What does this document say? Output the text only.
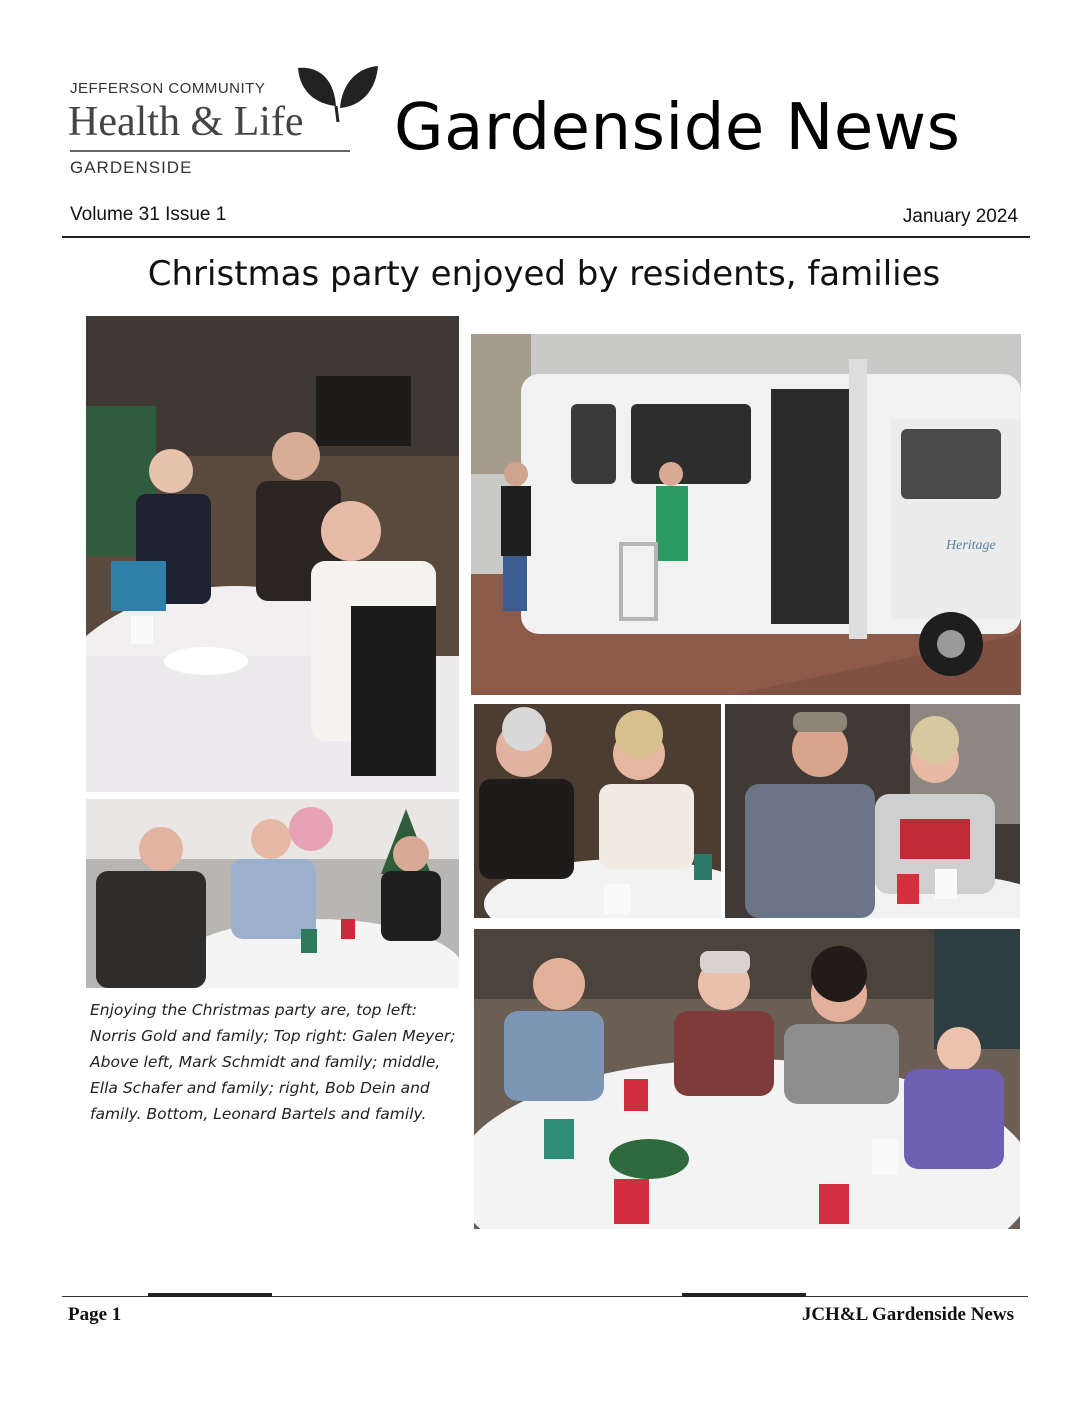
JEFFERSON COMMUNITY
Health & Life
GARDENSIDE
Gardenside News
Volume 31 Issue 1	January 2024
Christmas party enjoyed by residents, families
Heritage
Enjoying the Christmas party are, top left: Norris Gold and family; Top right: Galen Meyer; Above left, Mark Schmidt and family; middle, Ella Schafer and family; right, Bob Dein and family. Bottom, Leonard Bartels and family.
Page 1	JCH&L Gardenside News
